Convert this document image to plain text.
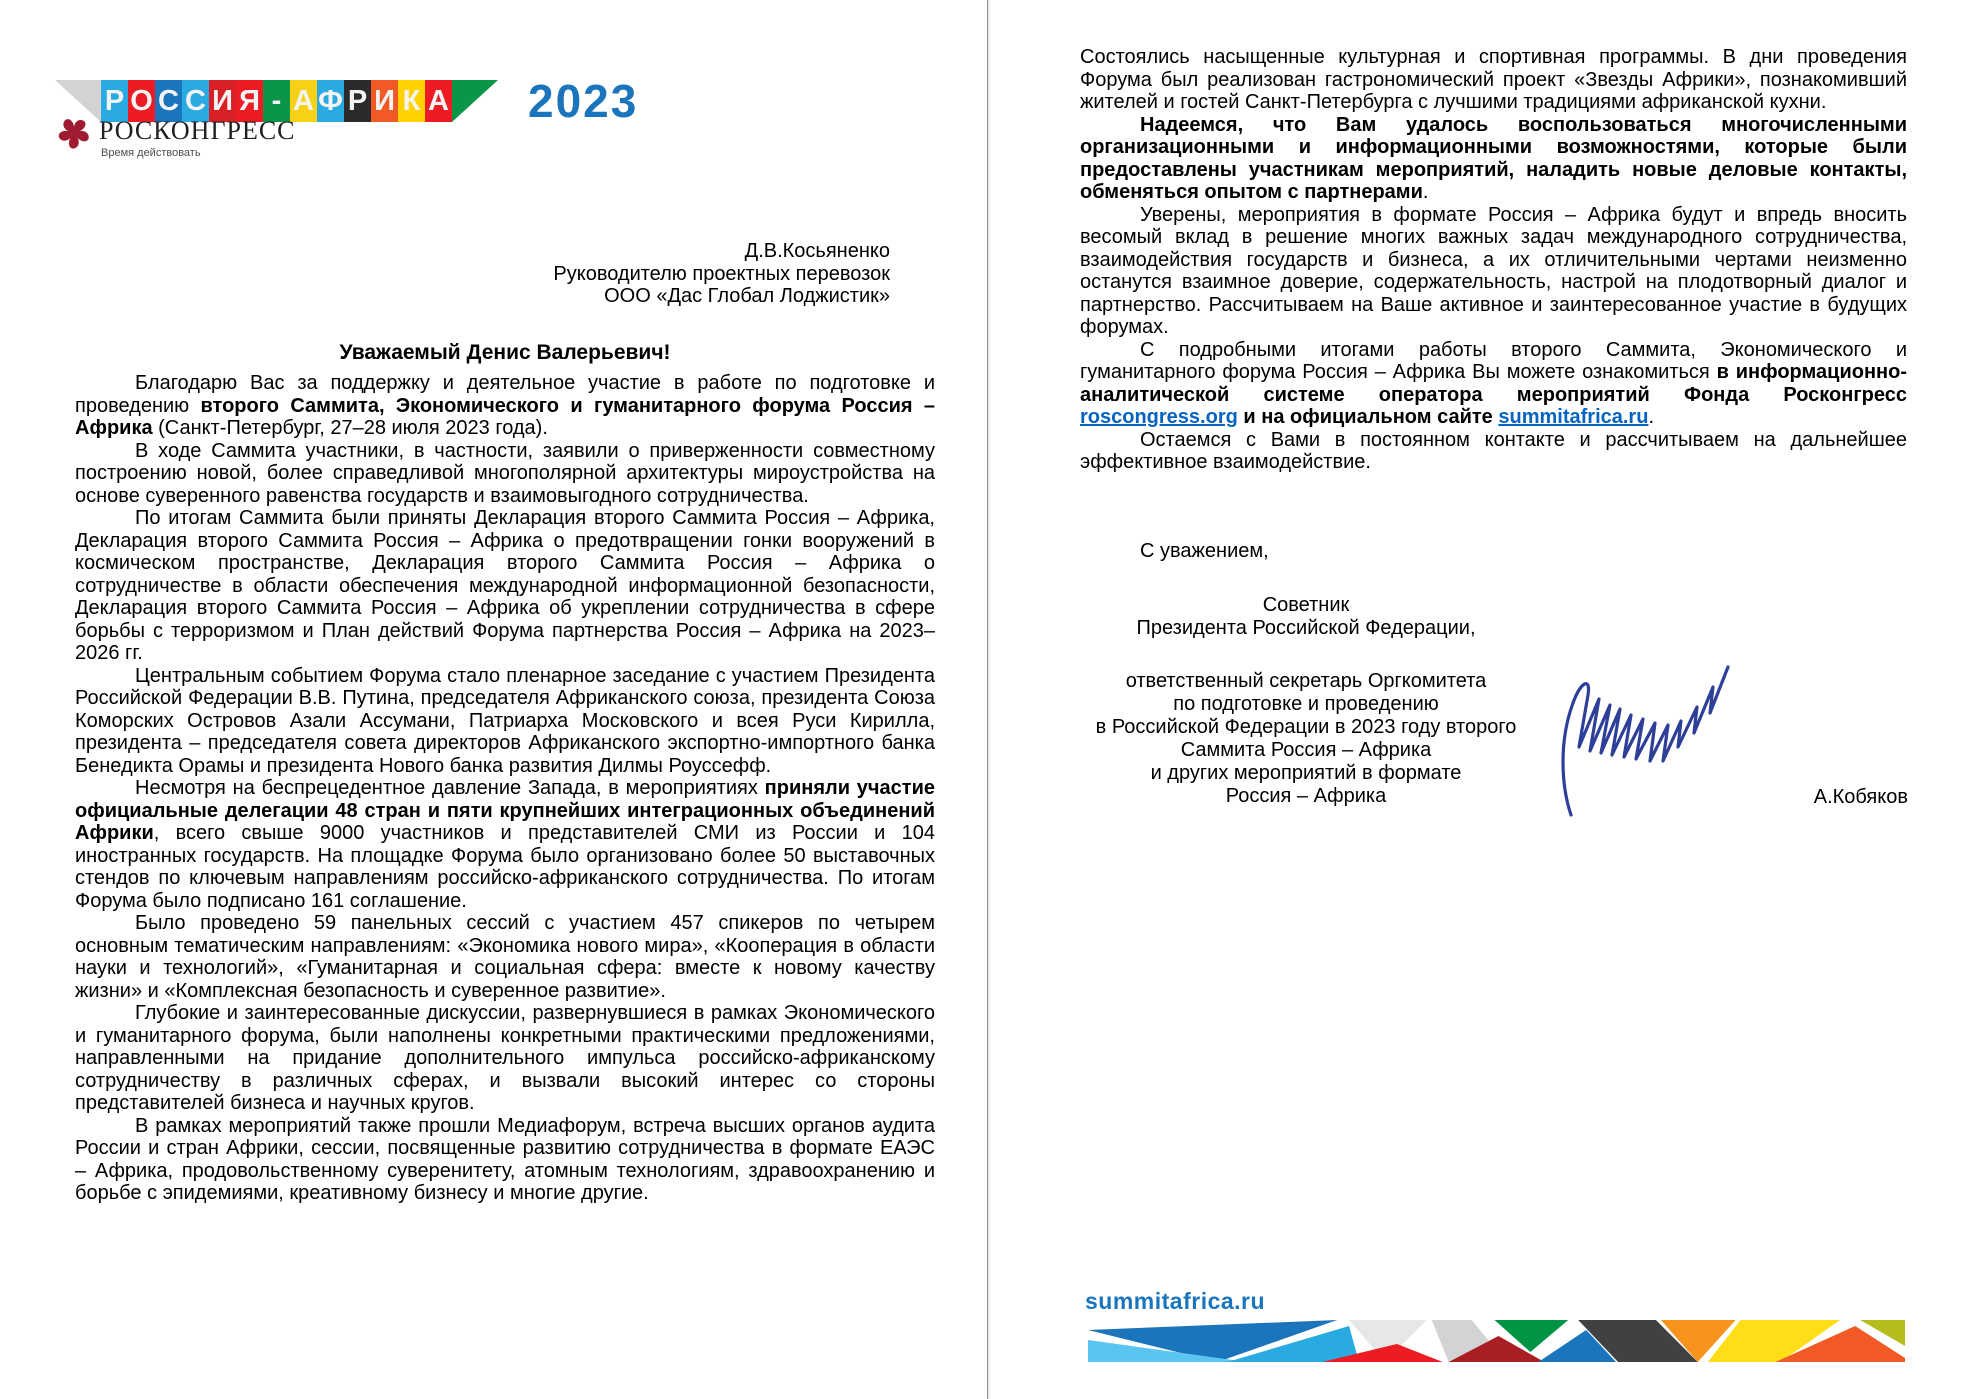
Р О С С И Я - А Ф Р И К А 2023
РОСКОНГРЕСС
Время действовать
Д.В.Косьяненко
Руководителю проектных перевозок
ООО «Дас Глобал Лоджистик»
Уважаемый Денис Валерьевич!

Благодарю Вас за поддержку и деятельное участие в работе по подготовке и проведению второго Саммита, Экономического и гуманитарного форума Россия – Африка (Санкт-Петербург, 27–28 июля 2023 года).

В ходе Саммита участники, в частности, заявили о приверженности совместному построению новой, более справедливой многополярной архитектуры мироустройства на основе суверенного равенства государств и взаимовыгодного сотрудничества.

По итогам Саммита были приняты Декларация второго Саммита Россия – Африка, Декларация второго Саммита Россия – Африка о предотвращении гонки вооружений в космическом пространстве, Декларация второго Саммита Россия – Африка о сотрудничестве в области обеспечения международной информационной безопасности, Декларация второго Саммита Россия – Африка об укреплении сотрудничества в сфере борьбы с терроризмом и План действий Форума партнерства Россия – Африка на 2023–2026 гг.

Центральным событием Форума стало пленарное заседание с участием Президента Российской Федерации В.В. Путина, председателя Африканского союза, президента Союза Коморских Островов Азали Ассумани, Патриарха Московского и всея Руси Кирилла, президента – председателя совета директоров Африканского экспортно-импортного банка Бенедикта Орамы и президента Нового банка развития Дилмы Роуссефф.

Несмотря на беспрецедентное давление Запада, в мероприятиях приняли участие официальные делегации 48 стран и пяти крупнейших интеграционных объединений Африки, всего свыше 9000 участников и представителей СМИ из России и 104 иностранных государств. На площадке Форума было организовано более 50 выставочных стендов по ключевым направлениям российско-африканского сотрудничества. По итогам Форума было подписано 161 соглашение.

Было проведено 59 панельных сессий с участием 457 спикеров по четырем основным тематическим направлениям: «Экономика нового мира», «Кооперация в области науки и технологий», «Гуманитарная и социальная сфера: вместе к новому качеству жизни» и «Комплексная безопасность и суверенное развитие».

Глубокие и заинтересованные дискуссии, развернувшиеся в рамках Экономического и гуманитарного форума, были наполнены конкретными практическими предложениями, направленными на придание дополнительного импульса российско-африканскому сотрудничеству в различных сферах, и вызвали высокий интерес со стороны представителей бизнеса и научных кругов.

В рамках мероприятий также прошли Медиафорум, встреча высших органов аудита России и стран Африки, сессии, посвященные развитию сотрудничества в формате ЕАЭС – Африка, продовольственному суверенитету, атомным технологиям, здравоохранению и борьбе с эпидемиями, креативному бизнесу и многие другие.

Состоялись насыщенные культурная и спортивная программы. В дни проведения Форума был реализован гастрономический проект «Звезды Африки», познакомивший жителей и гостей Санкт-Петербурга с лучшими традициями африканской кухни.

Надеемся, что Вам удалось воспользоваться многочисленными организационными и информационными возможностями, которые были предоставлены участникам мероприятий, наладить новые деловые контакты, обменяться опытом с партнерами.

Уверены, мероприятия в формате Россия – Африка будут и впредь вносить весомый вклад в решение многих важных задач международного сотрудничества, взаимодействия государств и бизнеса, а их отличительными чертами неизменно останутся взаимное доверие, содержательность, настрой на плодотворный диалог и партнерство. Рассчитываем на Ваше активное и заинтересованное участие в будущих форумах.

С подробными итогами работы второго Саммита, Экономического и гуманитарного форума Россия – Африка Вы можете ознакомиться в информационно-аналитической системе оператора мероприятий Фонда Росконгресс roscongress.org и на официальном сайте summitafrica.ru.

Остаемся с Вами в постоянном контакте и рассчитываем на дальнейшее эффективное взаимодействие.

С уважением,
Советник
Президента Российской Федерации,
ответственный секретарь Оргкомитета
по подготовке и проведению
в Российской Федерации в 2023 году второго
Саммита Россия – Африка
и других мероприятий в формате
Россия – Африка	А.Кобяков
summitafrica.ru
